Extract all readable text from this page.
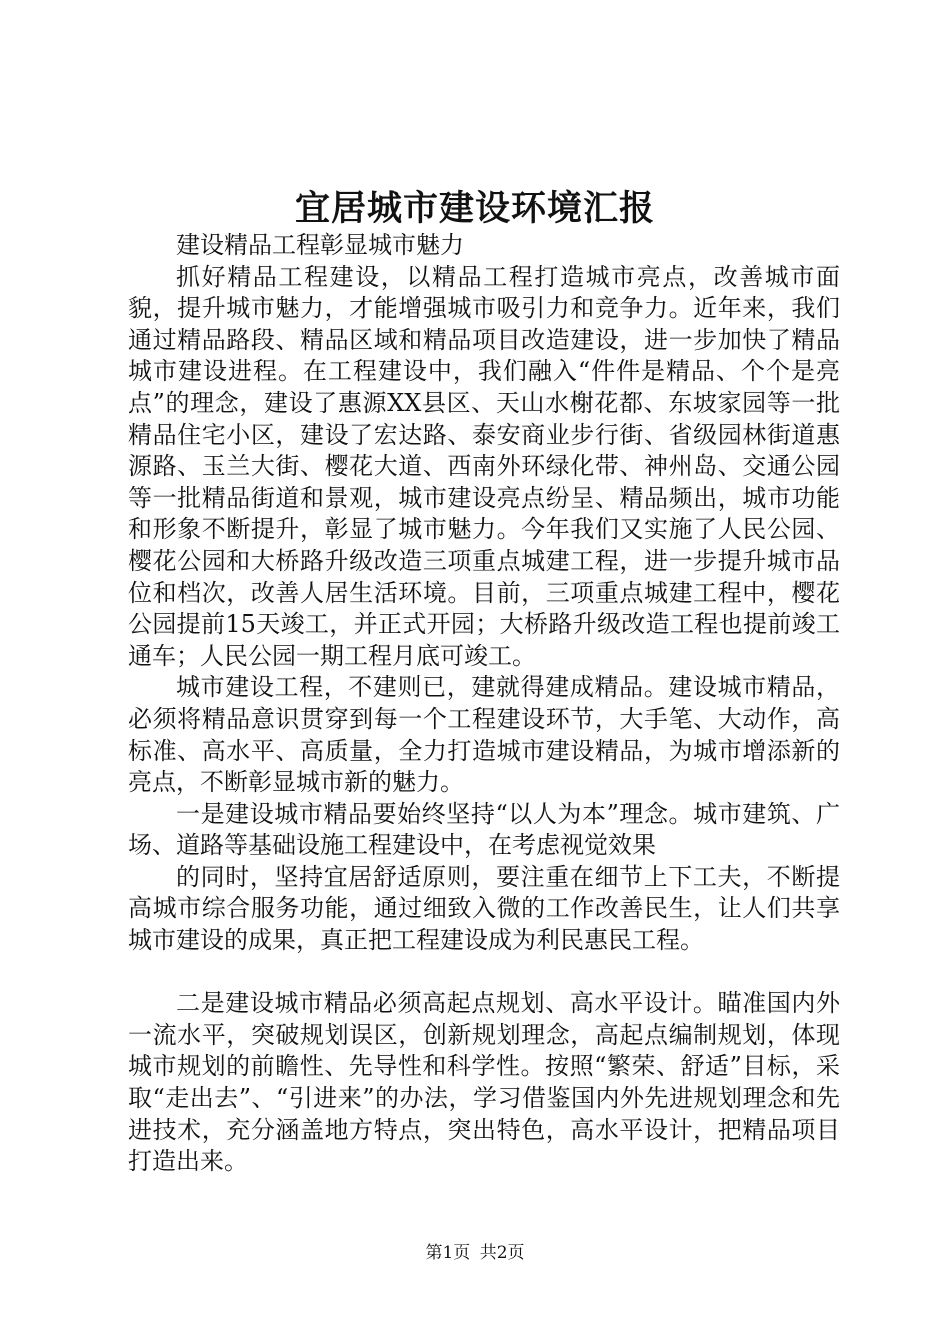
宜居城市建设环境汇报

建设精品工程彰显城市魅力

抓好精品工程建设，以精品工程打造城市亮点，改善城市面貌，提升城市魅力，才能增强城市吸引力和竞争力。近年来，我们通过精品路段、精品区域和精品项目改造建设，进一步加快了精品城市建设进程。在工程建设中，我们融入“件件是精品、个个是亮点”的理念，建设了惠源XX县区、天山水榭花都、东坡家园等一批精品住宅小区，建设了宏达路、泰安商业步行街、省级园林街道惠源路、玉兰大街、樱花大道、西南外环绿化带、神州岛、交通公园等一批精品街道和景观，城市建设亮点纷呈、精品频出，城市功能和形象不断提升，彰显了城市魅力。今年我们又实施了人民公园、樱花公园和大桥路升级改造三项重点城建工程，进一步提升城市品位和档次，改善人居生活环境。目前，三项重点城建工程中，樱花公园提前15天竣工，并正式开园；大桥路升级改造工程也提前竣工通车；人民公园一期工程月底可竣工。

城市建设工程，不建则已，建就得建成精品。建设城市精品，必须将精品意识贯穿到每一个工程建设环节，大手笔、大动作，高标准、高水平、高质量，全力打造城市建设精品，为城市增添新的亮点，不断彰显城市新的魅力。

一是建设城市精品要始终坚持“以人为本”理念。城市建筑、广场、道路等基础设施工程建设中，在考虑视觉效果

的同时，坚持宜居舒适原则，要注重在细节上下工夫，不断提高城市综合服务功能，通过细致入微的工作改善民生，让人们共享城市建设的成果，真正把工程建设成为利民惠民工程。

二是建设城市精品必须高起点规划、高水平设计。瞄准国内外一流水平，突破规划误区，创新规划理念，高起点编制规划，体现城市规划的前瞻性、先导性和科学性。按照“繁荣、舒适”目标，采取“走出去”、“引进来”的办法，学习借鉴国内外先进规划理念和先进技术，充分涵盖地方特点，突出特色，高水平设计，把精品项目打造出来。

第1页 共2页
